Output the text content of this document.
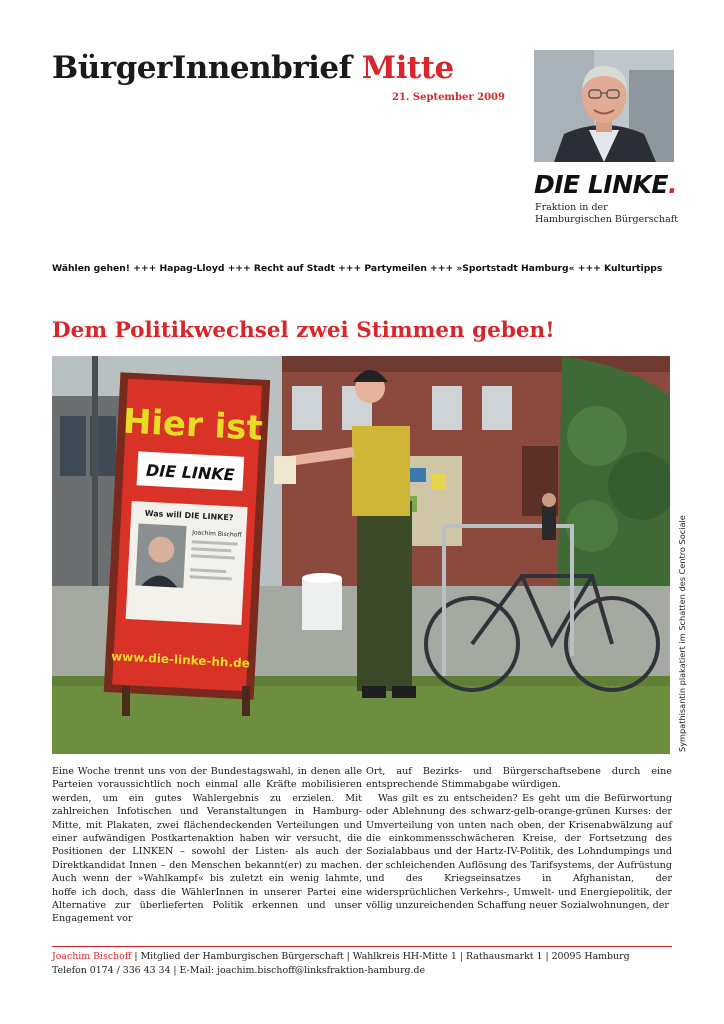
BürgerInnenbrief Mitte
21. September 2009
DIE LINKE.
Fraktion in der
Hamburgischen Bürgerschaft
Wählen gehen! +++ Hapag-Lloyd +++ Recht auf Stadt +++ Partymeilen +++ »Sportstadt Hamburg« +++ Kulturtipps
Dem Politikwechsel zwei Stimmen geben!
Hier ist
DIE LINKE
Was will DIE LINKE?
Joachim Bischoff
www.die-linke-hh.de	Sympathisantin plakatiert im Schatten des Centro Sociale

Eine Woche trennt uns von der Bundestagswahl, in denen alle Parteien voraussichtlich noch einmal alle Kräfte mobilisieren werden, um ein gutes Wahlergebnis zu erzielen. Mit zahlreichen Infotischen und Veranstaltungen in Hamburg-Mitte, mit Plakaten, zwei flächendeckenden Verteilungen und einer aufwändigen Postkartenaktion haben wir versucht, die Positionen der LINKEN – sowohl der Listen- als auch der Direktkandidat Innen – den Menschen bekannt(er) zu machen. Auch wenn der »Wahlkampf« bis zuletzt ein wenig lahmte, hoffe ich doch, dass die WählerInnen in unserer Partei eine Alternative zur überlieferten Politik erkennen und unser Engagement vor

Ort, auf Bezirks- und Bürgerschaftsebene durch eine entsprechende Stimmabgabe würdigen.

Was gilt es zu entscheiden? Es geht um die Befürwortung oder Ablehnung des schwarz-gelb-orange-grünen Kurses: der Umverteilung von unten nach oben, der Krisenabwälzung auf die einkommensschwächeren Kreise, der Fortsetzung des Sozialabbaus und der Hartz-IV-Politik, des Lohndumpings und der schleichenden Auflösung des Tarifsystems, der Aufrüstung und des Kriegseinsatzes in Afghanistan, der widersprüchlichen Verkehrs-, Umwelt- und Energiepolitik, der völlig unzureichenden Schaffung neuer Sozialwohnungen, der

Joachim Bischoff | Mitglied der Hamburgischen Bürgerschaft | Wahlkreis HH-Mitte 1 | Rathausmarkt 1 | 20095 Hamburg
Telefon 0174 / 336 43 34 | E-Mail: joachim.bischoff@linksfraktion-hamburg.de
